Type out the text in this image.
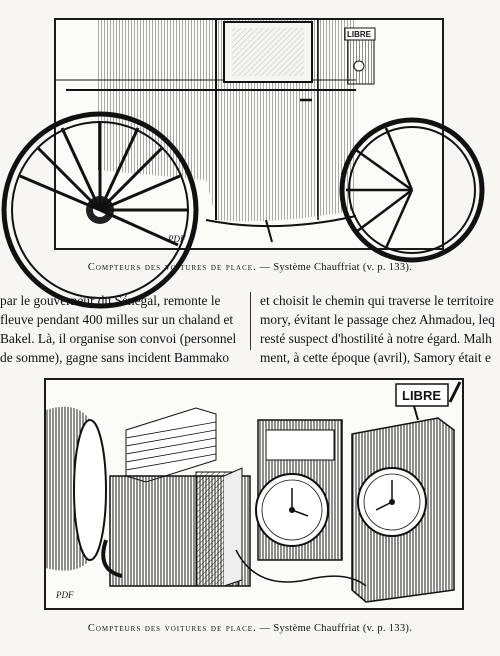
PDF
LIBRE
Compteurs des voitures de place. — Système Chauffriat (v. p. 133).
par le gouverneur du Sénégal, remonte le
fleuve pendant 400 milles sur un chaland et
Bakel. Là, il organise son convoi (personnel
de somme), gagne sans incident Bammako
et choisit le chemin qui traverse le territoire
mory, évitant le passage chez Ahmadou, leq
resté suspect d'hostilité à notre égard. Malh
ment, à cette époque (avril), Samory était e
PDF
LIBRE
Compteurs des voitures de place. — Système Chauffriat (v. p. 133).
